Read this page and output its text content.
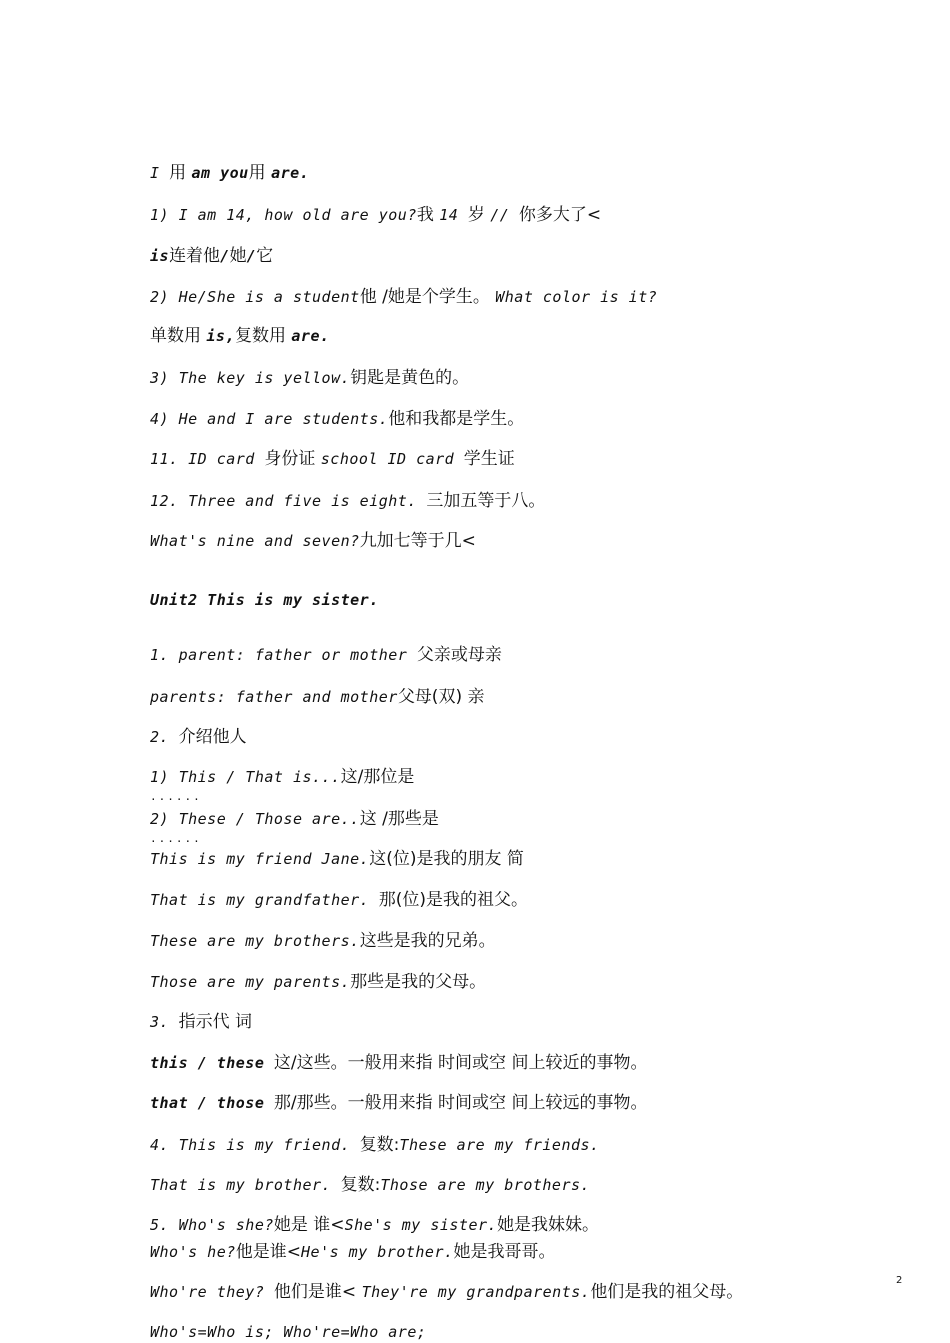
I 用 am you用 are.
1) I am 14, how old are you?我 14 岁 // 你多大了<
is连着他/她/它
2) He/She is a student他 /她是个学生。 What color is it?
单数用 is,复数用 are.
3) The key is yellow.钥匙是黄色的。
4) He and I are students.他和我都是学生。
11. ID card 身份证 school ID card 学生证
12. Three and five is eight. 三加五等于八。
What's nine and seven?九加七等于几<
Unit2 This is my sister.
1. parent: father or mother 父亲或母亲
parents: father and mother父母(双) 亲
2. 介绍他人
1) This / That is...这/那位是
2) These / Those are..这 /那些是
This is my friend Jane.这(位)是我的朋友 简
That is my grandfather. 那(位)是我的祖父。
These are my brothers.这些是我的兄弟。
Those are my parents.那些是我的父母。
3. 指示代 词
this / these 这/这些。一般用来指 时间或空 间上较近的事物。
that / those 那/那些。一般用来指 时间或空 间上较远的事物。
4. This is my friend. 复数:These are my friends.
That is my brother. 复数:Those are my brothers.
5. Who's she?她是 谁<She's my sister.她是我妹妹。
Who's he?他是谁<He's my brother.她是我哥哥。
Who're they? 他们是谁< They're my grandparents.他们是我的祖父母。
Who's=Who is; Who're=Who are;
......
......
2
